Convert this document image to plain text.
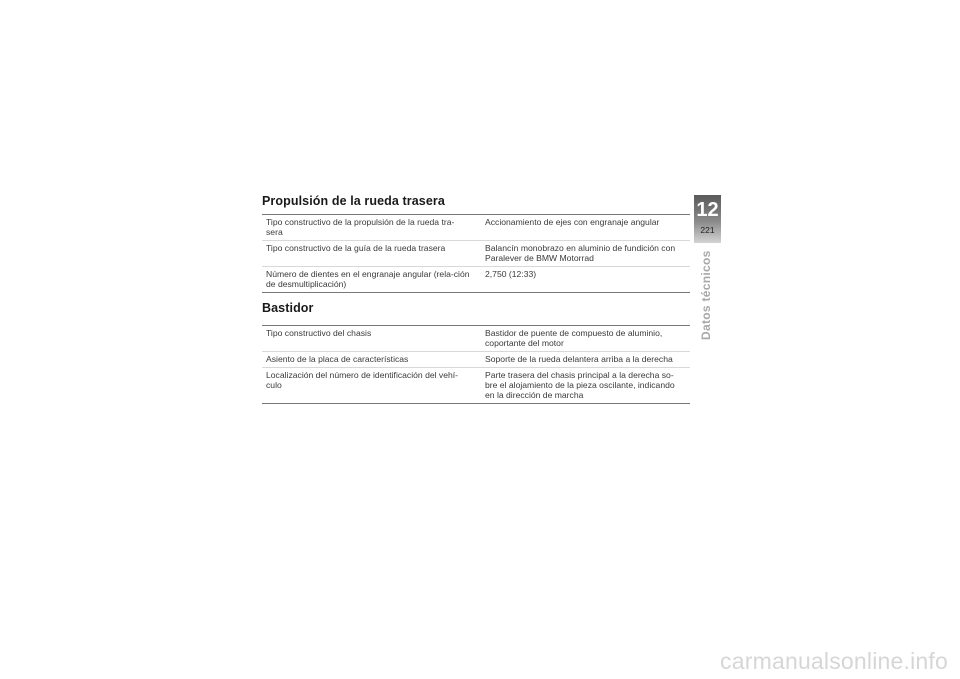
Propulsión de la rueda trasera
Tipo constructivo de la propulsión de la rueda tra-sera	Accionamiento de ejes con engranaje angular
Tipo constructivo de la guía de la rueda trasera	Balancín monobrazo en aluminio de fundición con Paralever de BMW Motorrad
Número de dientes en el engranaje angular (rela-ción de desmultiplicación)	2,750 (12:33)
Bastidor
Tipo constructivo del chasis	Bastidor de puente de compuesto de aluminio, coportante del motor
Asiento de la placa de características	Soporte de la rueda delantera arriba a la derecha
Localización del número de identificación del vehí-culo	Parte trasera del chasis principal a la derecha so-bre el alojamiento de la pieza oscilante, indicando en la dirección de marcha
12
221
Datos técnicos
carmanualsonline.info
